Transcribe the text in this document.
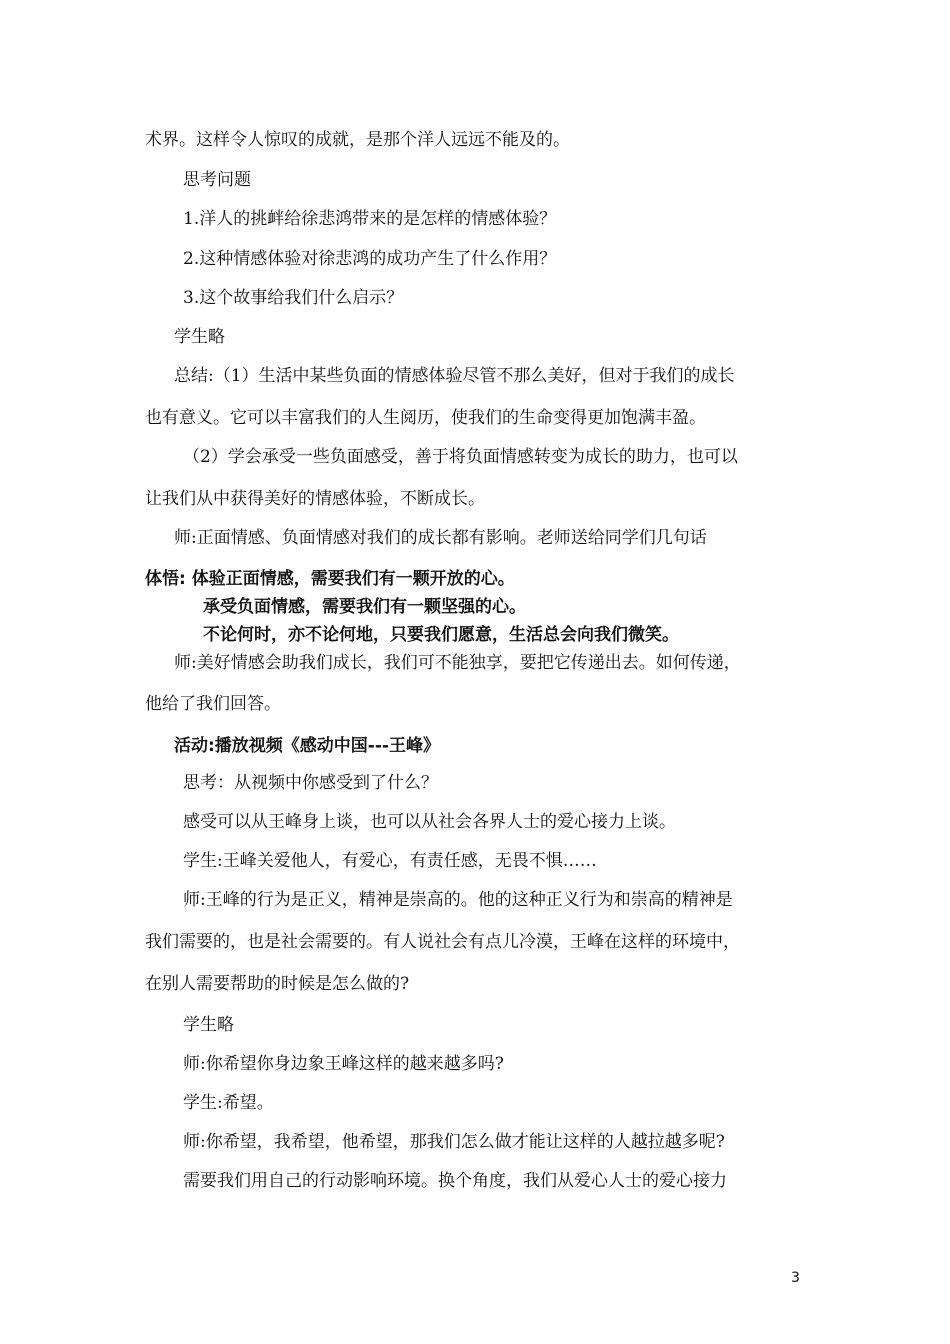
术界。这样令人惊叹的成就，是那个洋人远远不能及的。
思考问题
1.洋人的挑衅给徐悲鸿带来的是怎样的情感体验？
2.这种情感体验对徐悲鸿的成功产生了什么作用？
3.这个故事给我们什么启示？
学生略
总结:（1）生活中某些负面的情感体验尽管不那么美好，但对于我们的成长
也有意义。它可以丰富我们的人生阅历，使我们的生命变得更加饱满丰盈。
（2）学会承受一些负面感受，善于将负面情感转变为成长的助力，也可以
让我们从中获得美好的情感体验，不断成长。
师:正面情感、负面情感对我们的成长都有影响。老师送给同学们几句话
体悟: 体验正面情感，需要我们有一颗开放的心。
承受负面情感，需要我们有一颗坚强的心。
不论何时，亦不论何地，只要我们愿意，生活总会向我们微笑。
师:美好情感会助我们成长，我们可不能独享，要把它传递出去。如何传递，
他给了我们回答。
活动:播放视频《感动中国---王峰》
思考：从视频中你感受到了什么？
感受可以从王峰身上谈，也可以从社会各界人士的爱心接力上谈。
学生:王峰关爱他人，有爱心，有责任感，无畏不惧……
师:王峰的行为是正义，精神是崇高的。他的这种正义行为和崇高的精神是
我们需要的，也是社会需要的。有人说社会有点儿冷漠，王峰在这样的环境中，
在别人需要帮助的时候是怎么做的?
学生略
师:你希望你身边象王峰这样的越来越多吗?
学生:希望。
师:你希望，我希望，他希望，那我们怎么做才能让这样的人越拉越多呢?
需要我们用自己的行动影响环境。换个角度，我们从爱心人士的爱心接力
3
